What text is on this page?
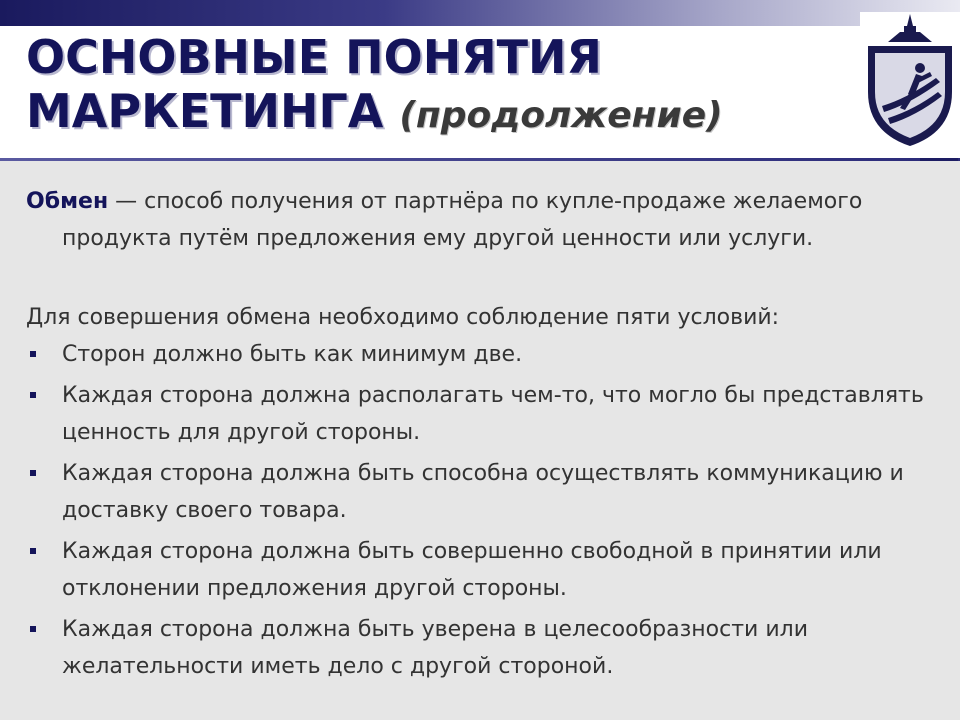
ОСНОВНЫЕ ПОНЯТИЯ
МАРКЕТИНГА (продолжение)

Обмен — способ получения от партнёра по купле-продаже желаемого продукта путём предложения ему другой ценности или услуги.

Для совершения обмена необходимо соблюдение пяти условий:

Сторон должно быть как минимум две.
Каждая сторона должна располагать чем-то, что могло бы представлять ценность для другой стороны.
Каждая сторона должна быть способна осуществлять коммуникацию и доставку своего товара.
Каждая сторона должна быть совершенно свободной в принятии или отклонении предложения другой стороны.
Каждая сторона должна быть уверена в целесообразности или желательности иметь дело с другой стороной.
